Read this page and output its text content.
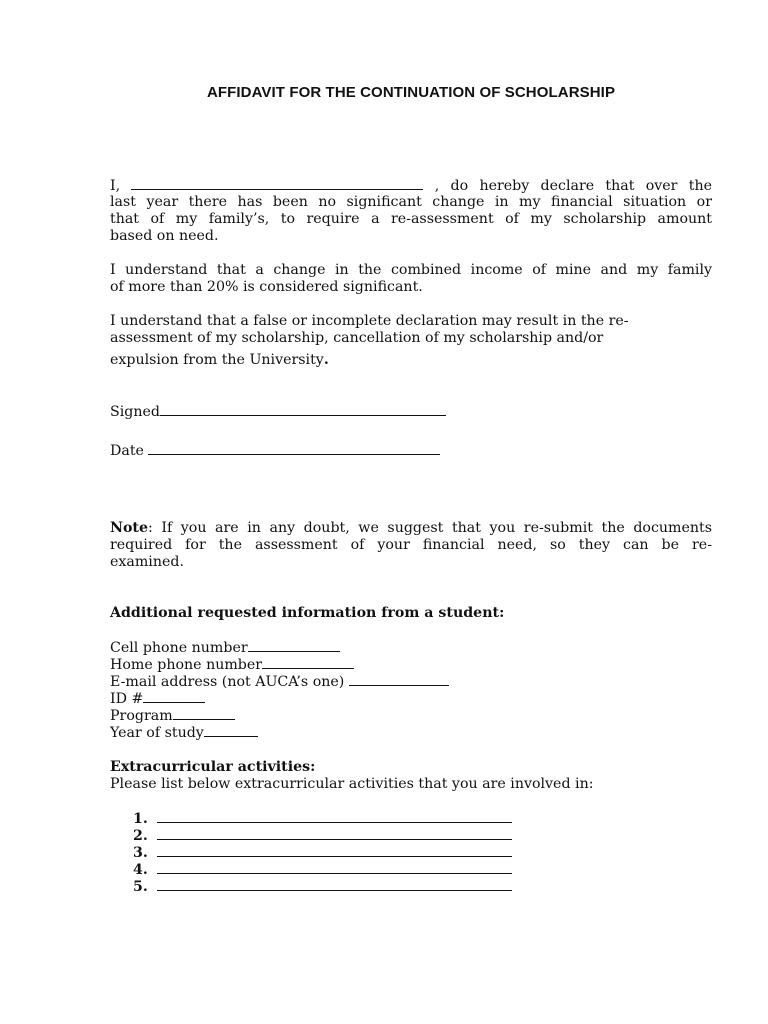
AFFIDAVIT FOR THE CONTINUATION OF SCHOLARSHIP
I,	, do hereby declare that over the
last year there has been no significant change in my financial situation or
that of my family’s, to require a re-assessment of my scholarship amount
based on need.
I understand that a change in the combined income of mine and my family
of more than 20% is considered significant.
I understand that a false or incomplete declaration may result in the re-
assessment of my scholarship, cancellation of my scholarship and/or
expulsion from the University.
Signed
Date
Note: If you are in any doubt, we suggest that you re-submit the documents
required for the assessment of your financial need, so they can be re-
examined.
Additional requested information from a student:
Cell phone number
Home phone number
E-mail address (not AUCA’s one)
ID #
Program
Year of study
Extracurricular activities:
Please list below extracurricular activities that you are involved in:
1.
2.
3.
4.
5.
